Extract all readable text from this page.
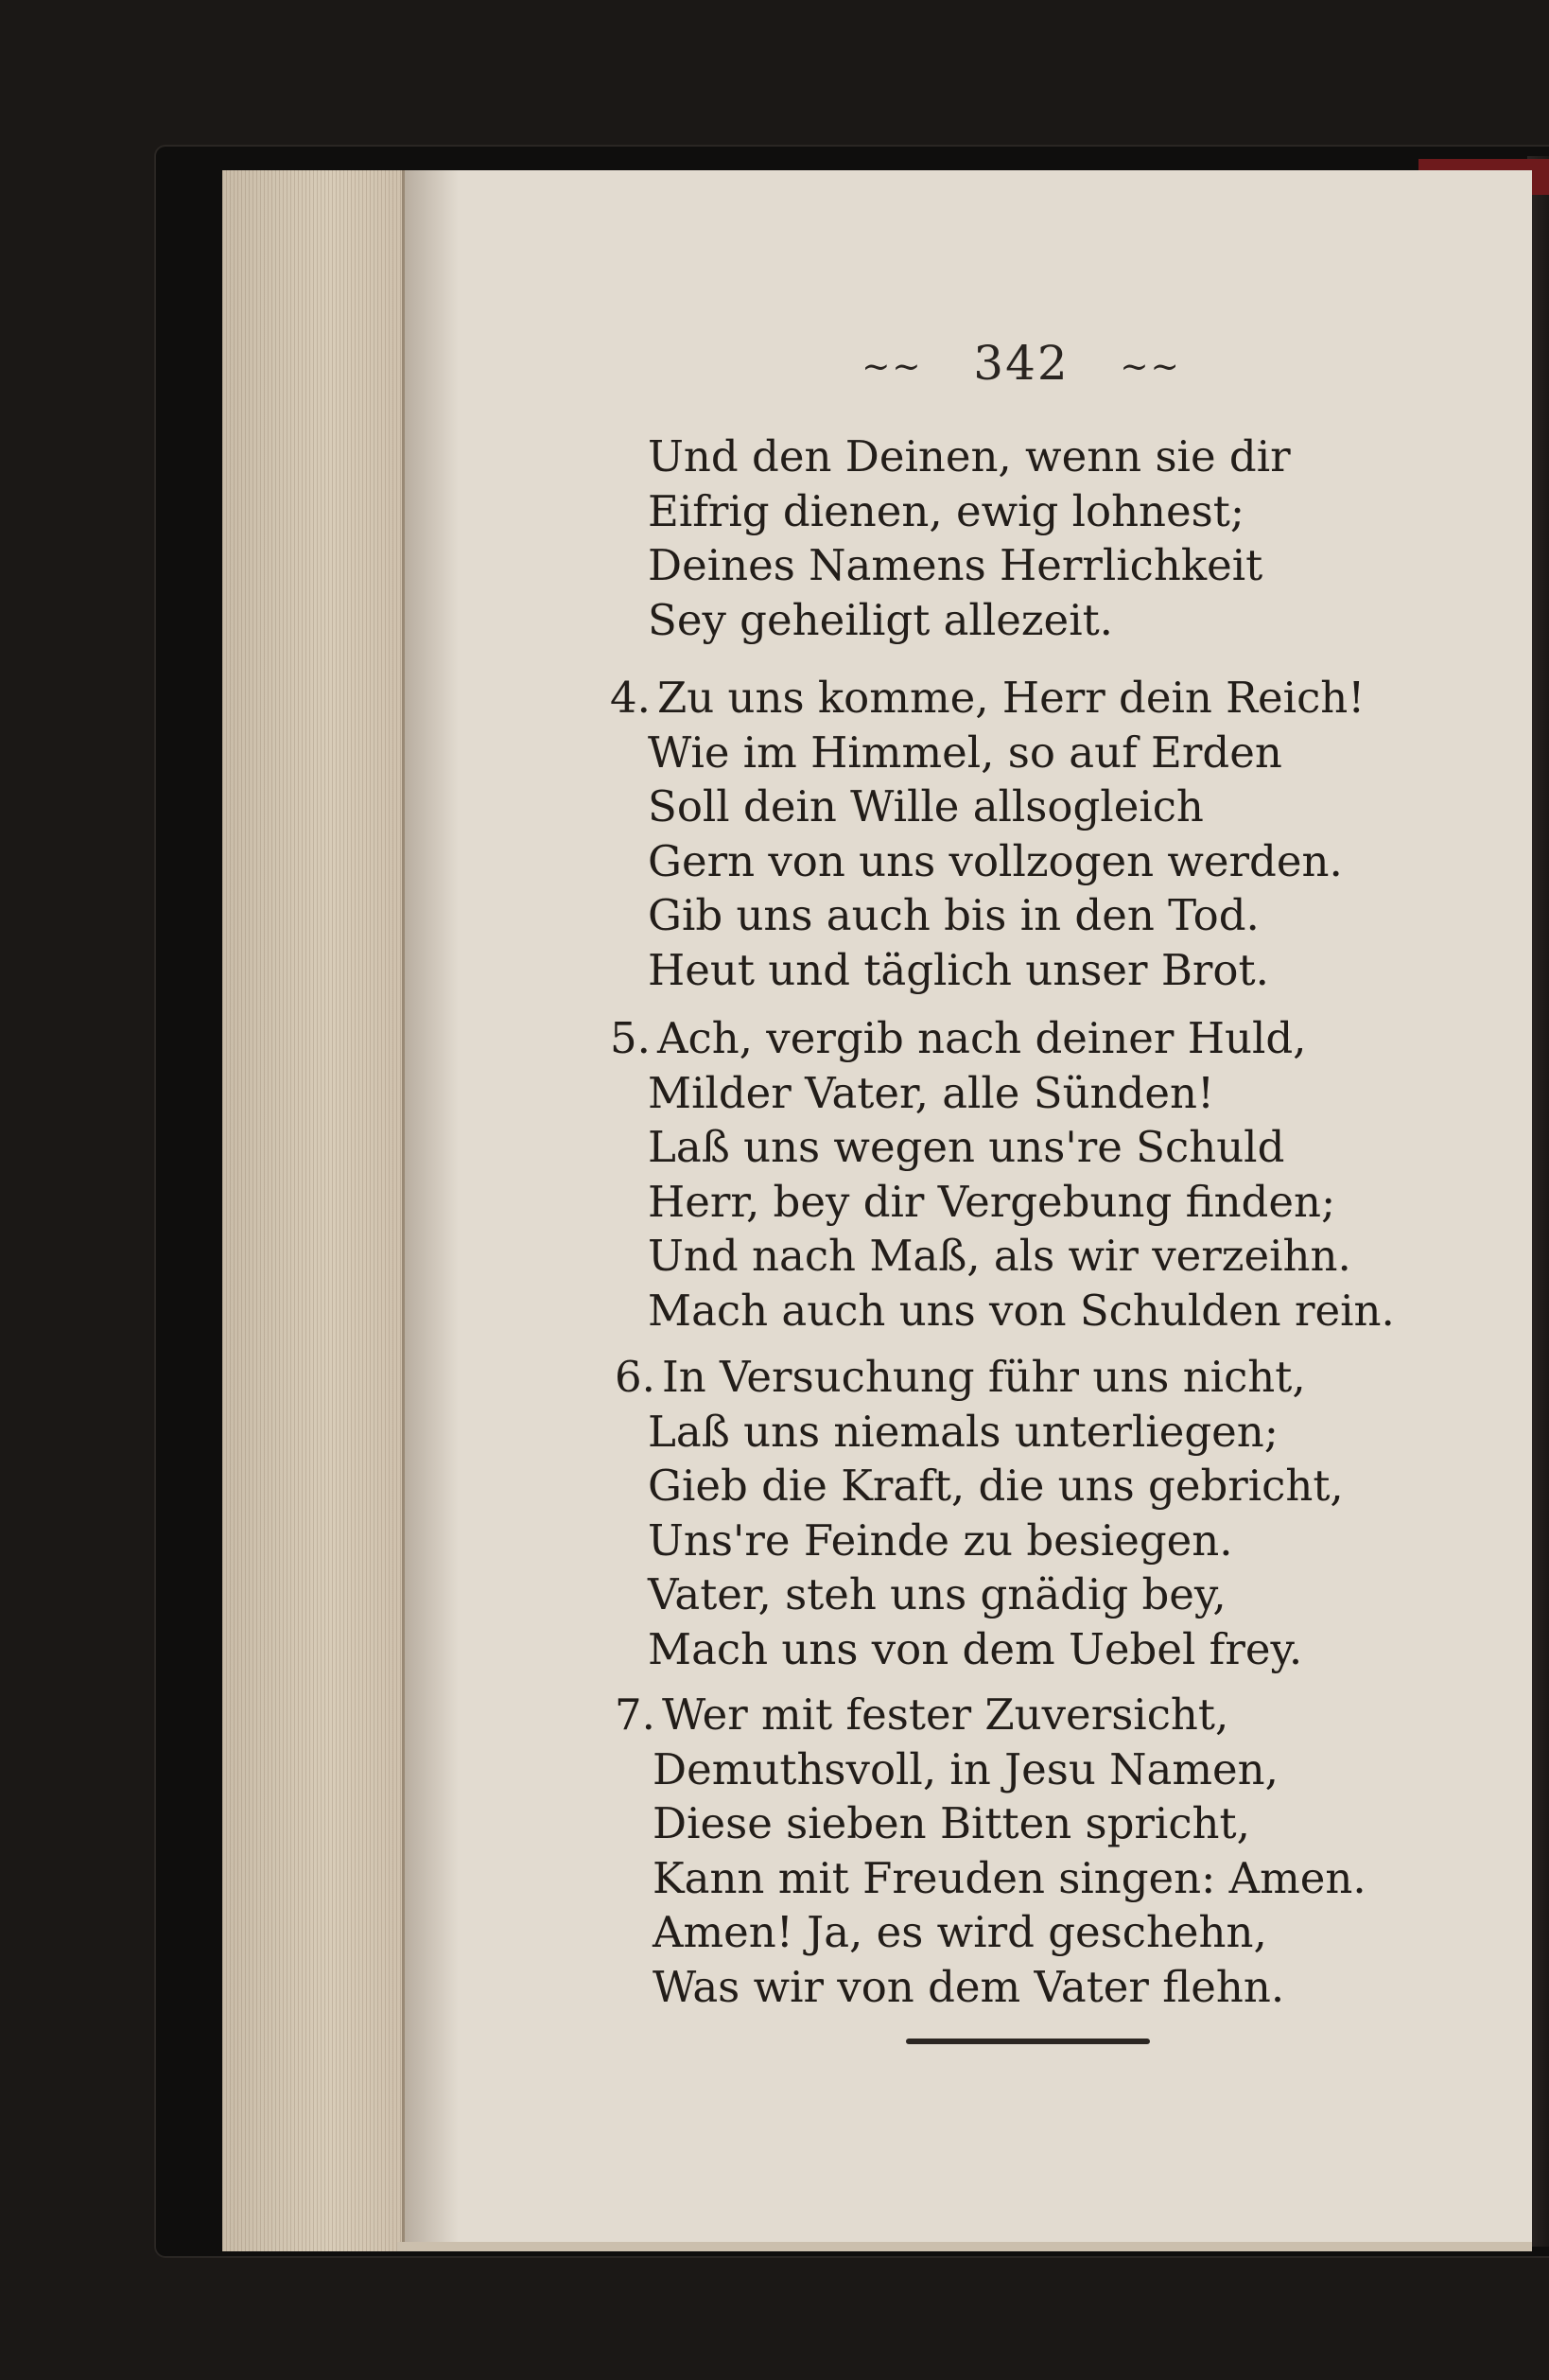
~~ 342 ~~
Und den Deinen, wenn sie dir
Eifrig dienen, ewig lohnest;
Deines Namens Herrlichkeit
Sey geheiligt allezeit.
4. Zu uns komme, Herr dein Reich!
Wie im Himmel, so auf Erden
Soll dein Wille allsogleich
Gern von uns vollzogen werden.
Gib uns auch bis in den Tod.
Heut und täglich unser Brot.
5. Ach, vergib nach deiner Huld,
Milder Vater, alle Sünden!
Laß uns wegen uns're Schuld
Herr, bey dir Vergebung finden;
Und nach Maß, als wir verzeihn.
Mach auch uns von Schulden rein.
6. In Versuchung führ uns nicht,
Laß uns niemals unterliegen;
Gieb die Kraft, die uns gebricht,
Uns're Feinde zu besiegen.
Vater, steh uns gnädig bey,
Mach uns von dem Uebel frey.
7. Wer mit fester Zuversicht,
Demuthsvoll, in Jesu Namen,
Diese sieben Bitten spricht,
Kann mit Freuden singen: Amen.
Amen! Ja, es wird geschehn,
Was wir von dem Vater flehn.
